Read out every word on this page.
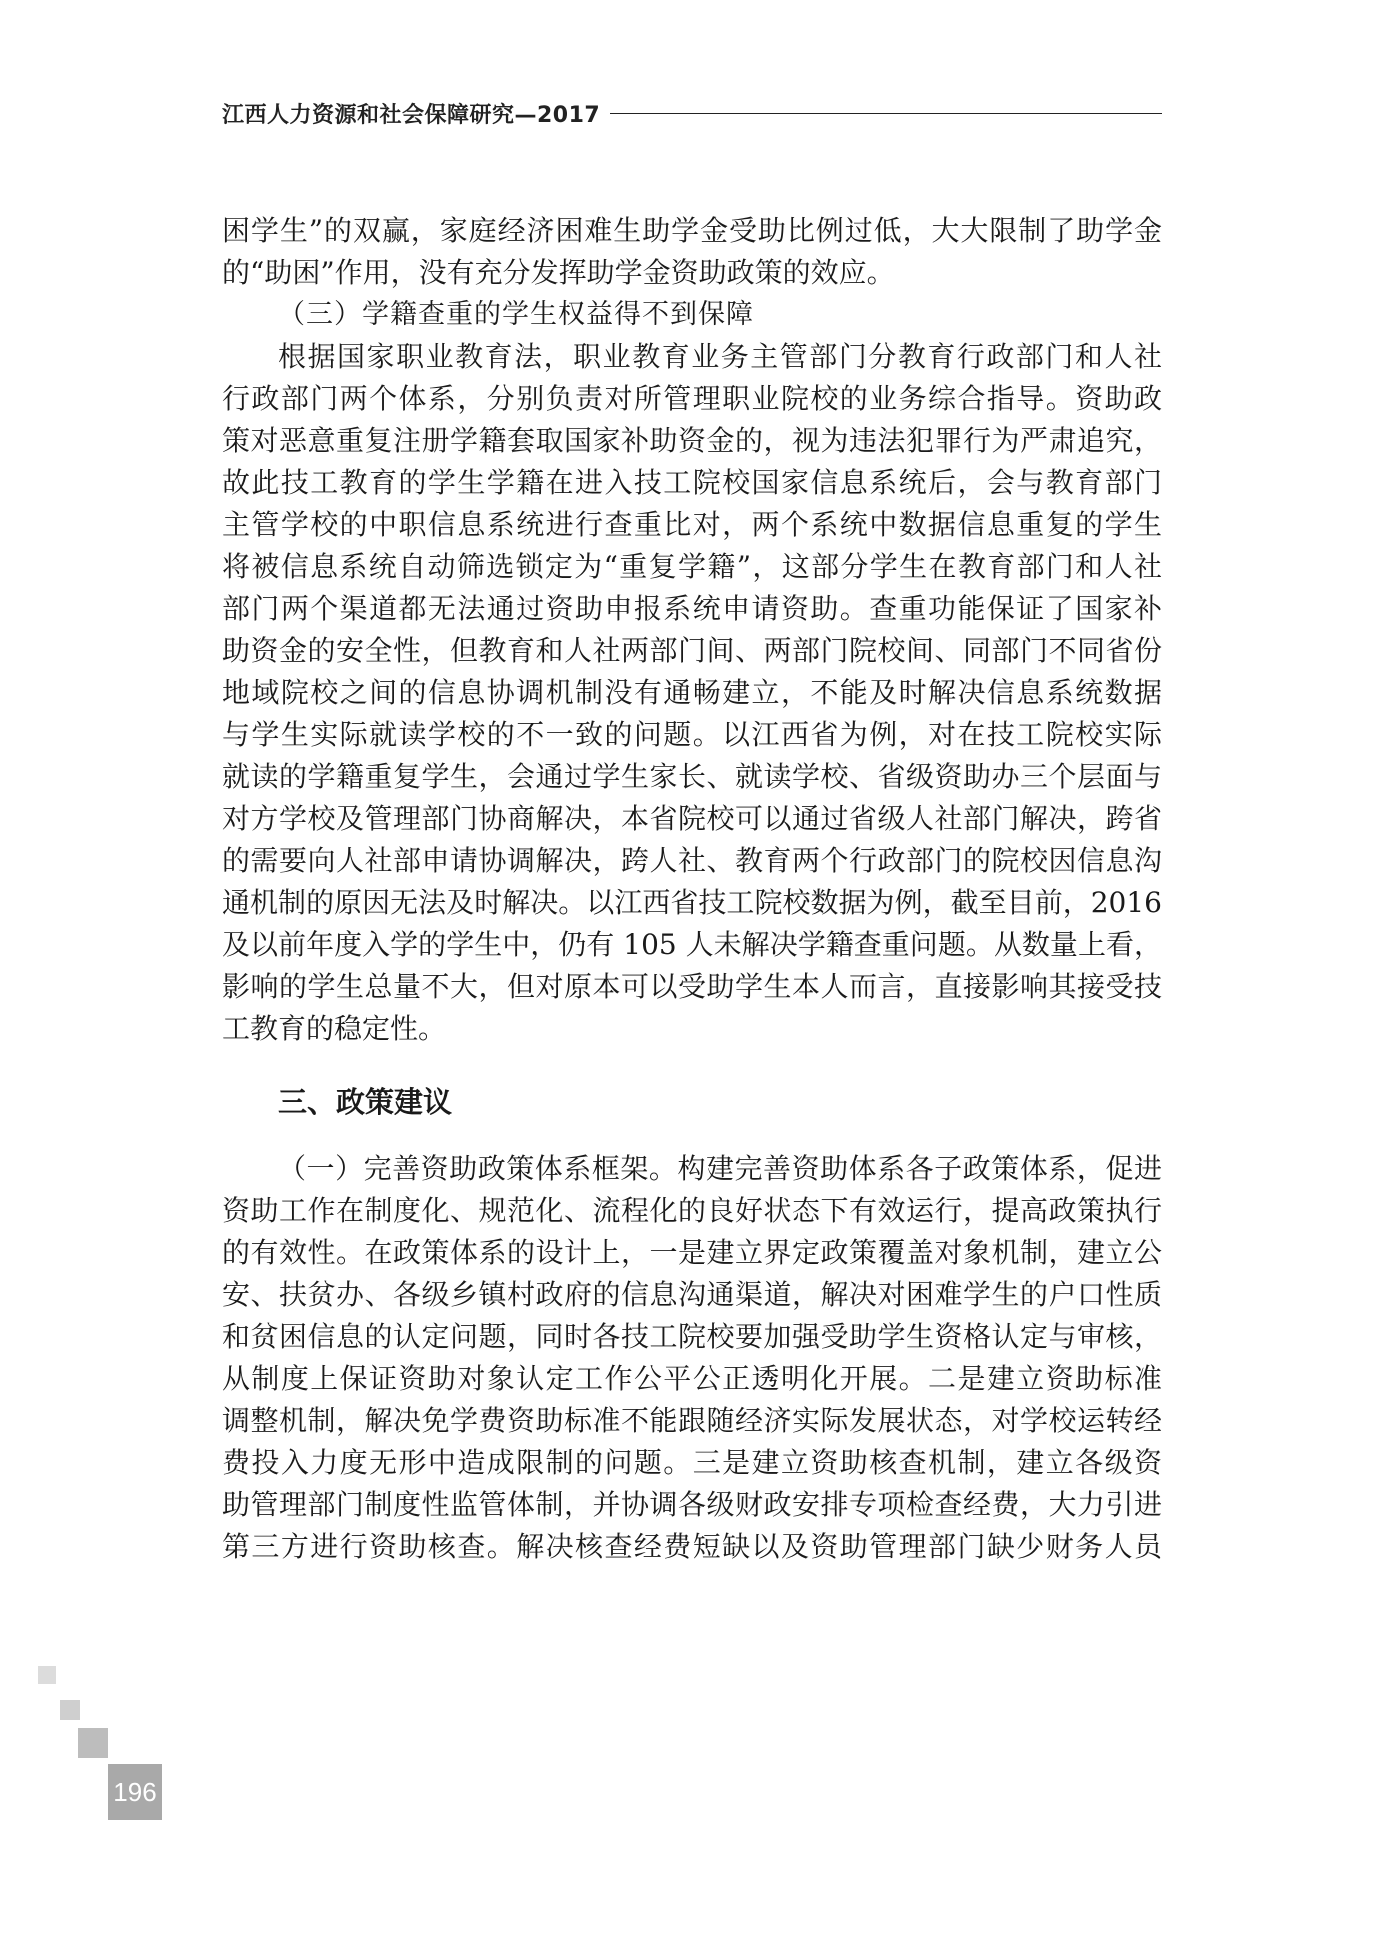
江西人力资源和社会保障研究—2017
困学生”的双赢，家庭经济困难生助学金受助比例过低，大大限制了助学金
的“助困”作用，没有充分发挥助学金资助政策的效应。
（三）学籍查重的学生权益得不到保障
根据国家职业教育法，职业教育业务主管部门分教育行政部门和人社
行政部门两个体系，分别负责对所管理职业院校的业务综合指导。资助政
策对恶意重复注册学籍套取国家补助资金的，视为违法犯罪行为严肃追究，
故此技工教育的学生学籍在进入技工院校国家信息系统后，会与教育部门
主管学校的中职信息系统进行查重比对，两个系统中数据信息重复的学生
将被信息系统自动筛选锁定为“重复学籍”，这部分学生在教育部门和人社
部门两个渠道都无法通过资助申报系统申请资助。查重功能保证了国家补
助资金的安全性，但教育和人社两部门间、两部门院校间、同部门不同省份
地域院校之间的信息协调机制没有通畅建立，不能及时解决信息系统数据
与学生实际就读学校的不一致的问题。以江西省为例，对在技工院校实际
就读的学籍重复学生，会通过学生家长、就读学校、省级资助办三个层面与
对方学校及管理部门协商解决，本省院校可以通过省级人社部门解决，跨省
的需要向人社部申请协调解决，跨人社、教育两个行政部门的院校因信息沟
通机制的原因无法及时解决。以江西省技工院校数据为例，截至目前，2016
及以前年度入学的学生中，仍有 105 人未解决学籍查重问题。从数量上看，
影响的学生总量不大，但对原本可以受助学生本人而言，直接影响其接受技
工教育的稳定性。
三、政策建议
（一）完善资助政策体系框架。构建完善资助体系各子政策体系，促进
资助工作在制度化、规范化、流程化的良好状态下有效运行，提高政策执行
的有效性。在政策体系的设计上，一是建立界定政策覆盖对象机制，建立公
安、扶贫办、各级乡镇村政府的信息沟通渠道，解决对困难学生的户口性质
和贫困信息的认定问题，同时各技工院校要加强受助学生资格认定与审核，
从制度上保证资助对象认定工作公平公正透明化开展。二是建立资助标准
调整机制，解决免学费资助标准不能跟随经济实际发展状态，对学校运转经
费投入力度无形中造成限制的问题。三是建立资助核查机制，建立各级资
助管理部门制度性监管体制，并协调各级财政安排专项检查经费，大力引进
第三方进行资助核查。解决核查经费短缺以及资助管理部门缺少财务人员
196
